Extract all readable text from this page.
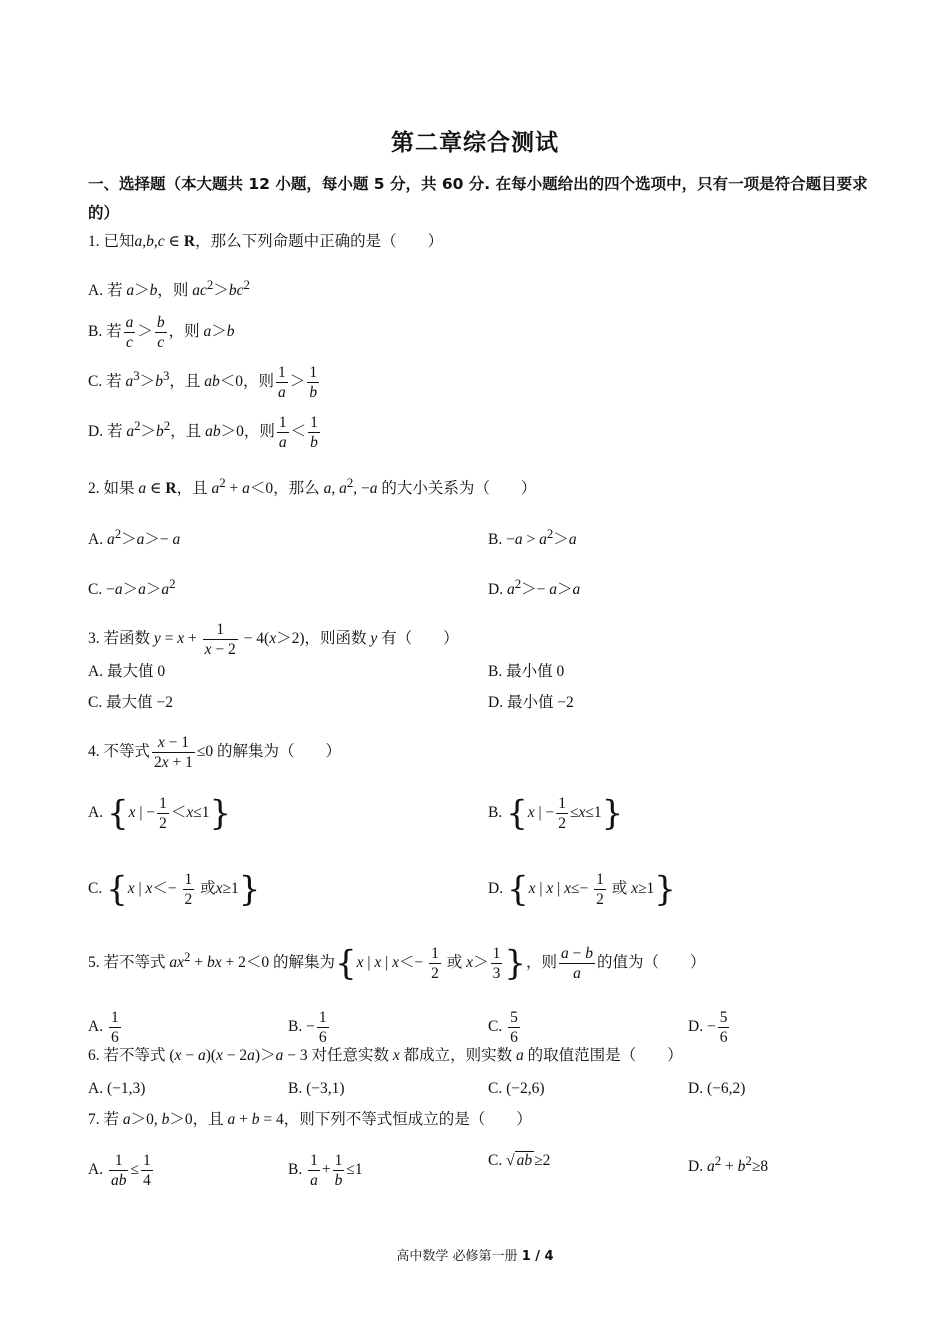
第二章综合测试
一、选择题（本大题共 12 小题，每小题 5 分，共 60 分. 在每小题给出的四个选项中，只有一项是符合题目要求的）
1. 已知a,b,c ∈ R，那么下列命题中正确的是（　　）
A. 若 a＞b，则 $ac^2>bc^2$
B. 若 $\frac{a}{c} > \frac{b}{c}$ ，则 a＞b
C. 若 $a^3>b^3$，且 ab＜0，则 $\frac{1}{a} > \frac{1}{b}$
D. 若 $a^2>b^2$，且 ab＞0，则 $\frac{1}{a} < \frac{1}{b}$
2. 如果 a ∈ R，且 $a^2 + a<0$，那么 a, $a^2$, −a 的大小关系为（　　）
A. $a^2>a>- a$	B. $-a > a^2>a$
C. $-a>a>a^2$	D. $a^2>- a>a$
3. 若函数 $y = x + \frac{1}{x - 2} - 4(x>2)$，则函数 y 有（　　）
A. 最大值 0	B. 最小值 0
C. 最大值 −2	D. 最小值 −2
4. 不等式 $\frac{x - 1}{2x + 1} \le 0$ 的解集为（　　）
A. {x | − $\frac{1}{2} <x\le 1$}	B. {x | − $\frac{1}{2} \le x\le 1$}
C. {x | $x<- \frac{1}{2}$ 或x≥1}	D. {x | x | $x\le- \frac{1}{2}$ 或 x≥1}
5. 若不等式 $ax^2$ + bx + 2＜0 的解集为{x | x | $x<- \frac{1}{2}$ 或 $x> \frac{1}{3}$ }，则 $\frac{a - b}{a}$ 的值为（　　）
A. $\frac{1}{6}$	B. − $\frac{1}{6}$	C. $\frac{5}{6}$	D. − $\frac{5}{6}$
6. 若不等式 (x − a)(x − 2a)＞a − 3 对任意实数 x 都成立，则实数 a 的取值范围是（　　）
A. (−1,3)	B. (−3,1)	C. (−2,6)	D. (−6,2)
7. 若 a＞0, b＞0，且 a + b = 4，则下列不等式恒成立的是（　　）
A. $\frac{1}{ab} \le \frac{1}{4}$	B. $\frac{1}{a} + \frac{1}{b} \le 1$
C. √ ab ≥2	D. $a^2 + b^2\ge 8$
高中数学 必修第一册 1 / 4
